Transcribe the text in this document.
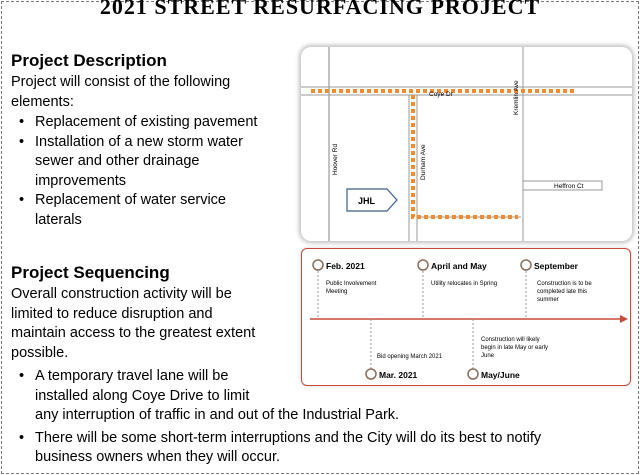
2021 STREET RESURFACING PROJECT
Project Description
Project will consist of the following
elements:
• Replacement of existing pavement
• Installation of a new storm water
sewer and other drainage
improvements
• Replacement of water service
laterals
Project Sequencing
Overall construction activity will be
limited to reduce disruption and
maintain access to the greatest extent
possible.
• A temporary travel lane will be
installed along Coye Drive to limit
any interruption of traffic in and out of the Industrial Park.
• There will be some short-term interruptions and the City will do its best to notify
business owners when they will occur.
Coye Dr	Kremlin Ave
Hoover Rd	Durham Ave
Heffron Ct
JHL
Feb. 2021
Public Involvement
Meeting
April and May
Utility relocates in Spring
September
Construction is to be
completed late this
summer
Bid opening March 2021
Mar. 2021
Construction will likely
begin in late May or early
June
May/June
